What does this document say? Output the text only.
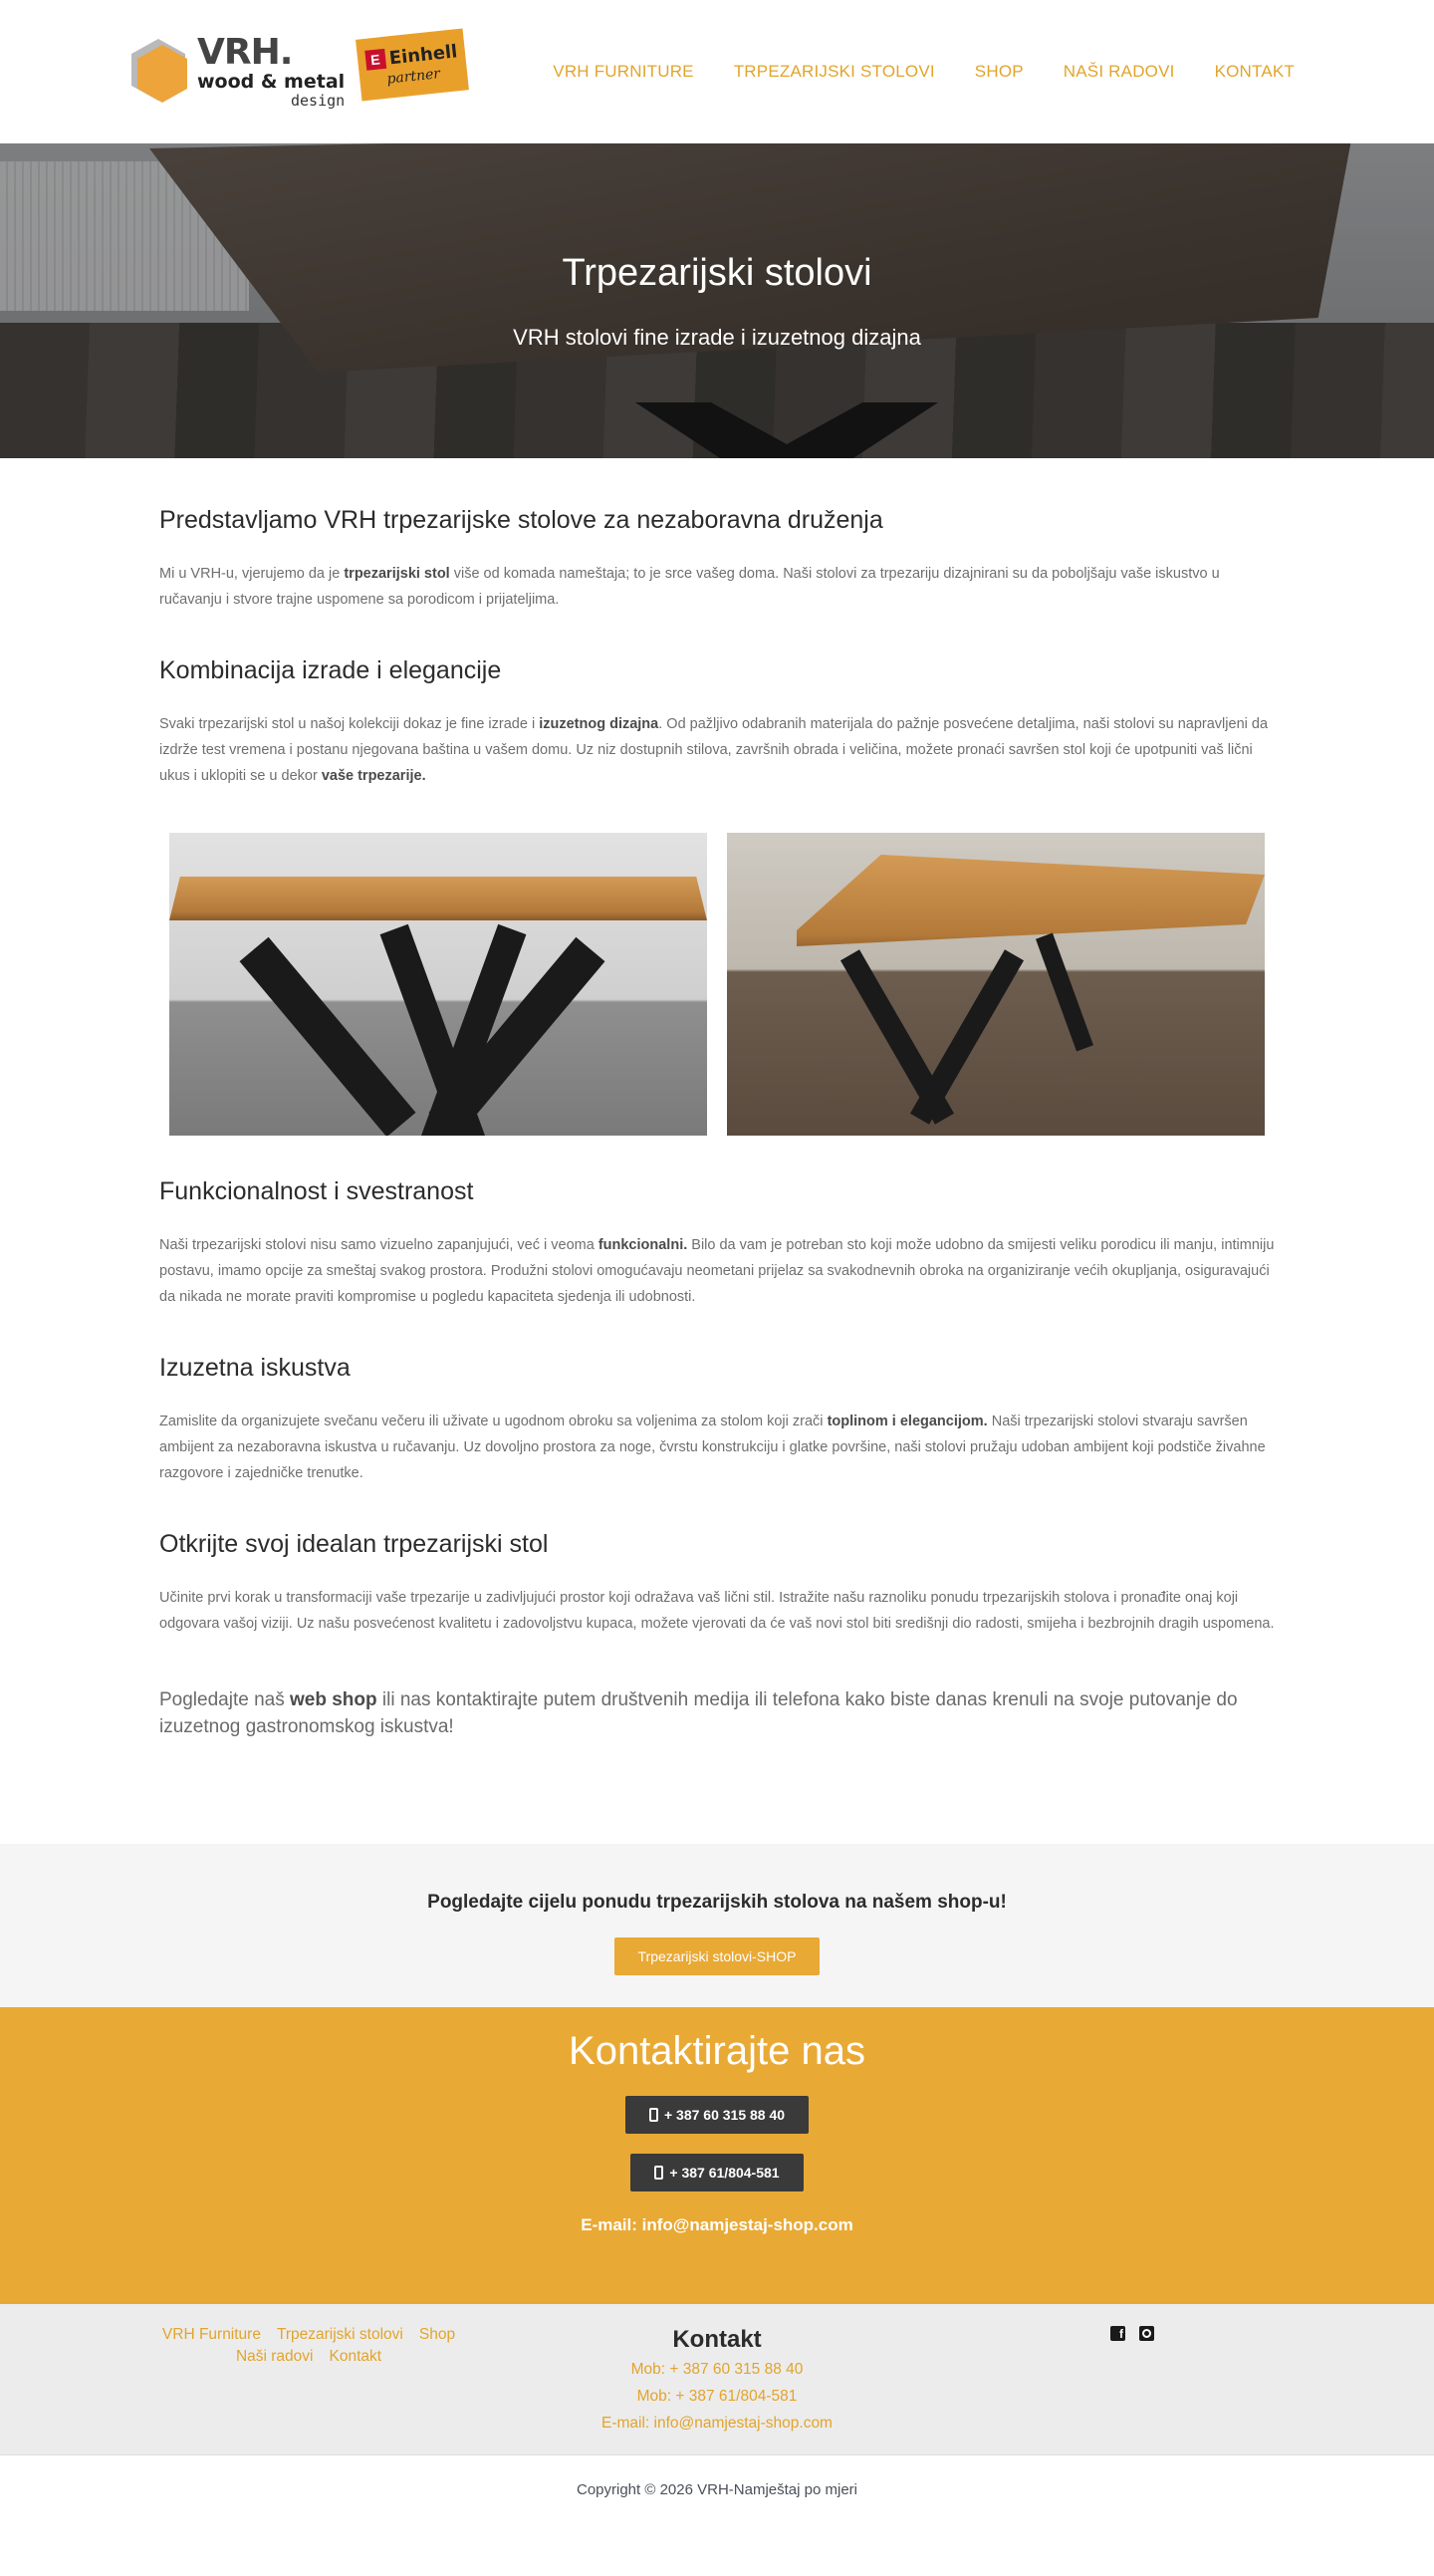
VRH.
wood & metal
design
E Einhell
partner	VRH FURNITURE TRPEZARIJSKI STOLOVI SHOP NAŠI RADOVI KONTAKT
Trpezarijski stolovi
VRH stolovi fine izrade i izuzetnog dizajna
Predstavljamo VRH trpezarijske stolove za nezaboravna druženja

Mi u VRH-u, vjerujemo da je trpezarijski stol više od komada nameštaja; to je srce vašeg doma. Naši stolovi za trpezariju dizajnirani su da poboljšaju vaše iskustvo u ručavanju i stvore trajne uspomene sa porodicom i prijateljima.

Kombinacija izrade i elegancije

Svaki trpezarijski stol u našoj kolekciji dokaz je fine izrade i izuzetnog dizajna. Od pažljivo odabranih materijala do pažnje posvećene detaljima, naši stolovi su napravljeni da izdrže test vremena i postanu njegovana baština u vašem domu. Uz niz dostupnih stilova, završnih obrada i veličina, možete pronaći savršen stol koji će upotpuniti vaš lični ukus i uklopiti se u dekor vaše trpezarije.

Funkcionalnost i svestranost

Naši trpezarijski stolovi nisu samo vizuelno zapanjujući, već i veoma funkcionalni. Bilo da vam je potreban sto koji može udobno da smijesti veliku porodicu ili manju, intimniju postavu, imamo opcije za smeštaj svakog prostora. Produžni stolovi omogućavaju neometani prijelaz sa svakodnevnih obroka na organiziranje većih okupljanja, osiguravajući da nikada ne morate praviti kompromise u pogledu kapaciteta sjedenja ili udobnosti.

Izuzetna iskustva

Zamislite da organizujete svečanu večeru ili uživate u ugodnom obroku sa voljenima za stolom koji zrači toplinom i elegancijom. Naši trpezarijski stolovi stvaraju savršen ambijent za nezaboravna iskustva u ručavanju. Uz dovoljno prostora za noge, čvrstu konstrukciju i glatke površine, naši stolovi pružaju udoban ambijent koji podstiče živahne razgovore i zajedničke trenutke.

Otkrijte svoj idealan trpezarijski stol

Učinite prvi korak u transformaciji vaše trpezarije u zadivljujući prostor koji odražava vaš lični stil. Istražite našu raznoliku ponudu trpezarijskih stolova i pronađite onaj koji odgovara vašoj viziji. Uz našu posvećenost kvalitetu i zadovoljstvu kupaca, možete vjerovati da će vaš novi stol biti središnji dio radosti, smijeha i bezbrojnih dragih uspomena.

Pogledajte naš web shop ili nas kontaktirajte putem društvenih medija ili telefona kako biste danas krenuli na svoje putovanje do izuzetnog gastronomskog iskustva!

Pogledajte cijelu ponudu trpezarijskih stolova na našem shop-u!
Trpezarijski stolovi-SHOP
Kontaktirajte nas
+ 387 60 315 88 40
+ 387 61/804-581
E-mail: info@namjestaj-shop.com
VRH Furniture Trpezarijski stolovi Shop
Naši radovi Kontakt
Kontakt
Mob: + 387 60 315 88 40
Mob: + 387 61/804-581
E-mail: info@namjestaj-shop.com
f
Copyright © 2026 VRH-Namještaj po mjeri
